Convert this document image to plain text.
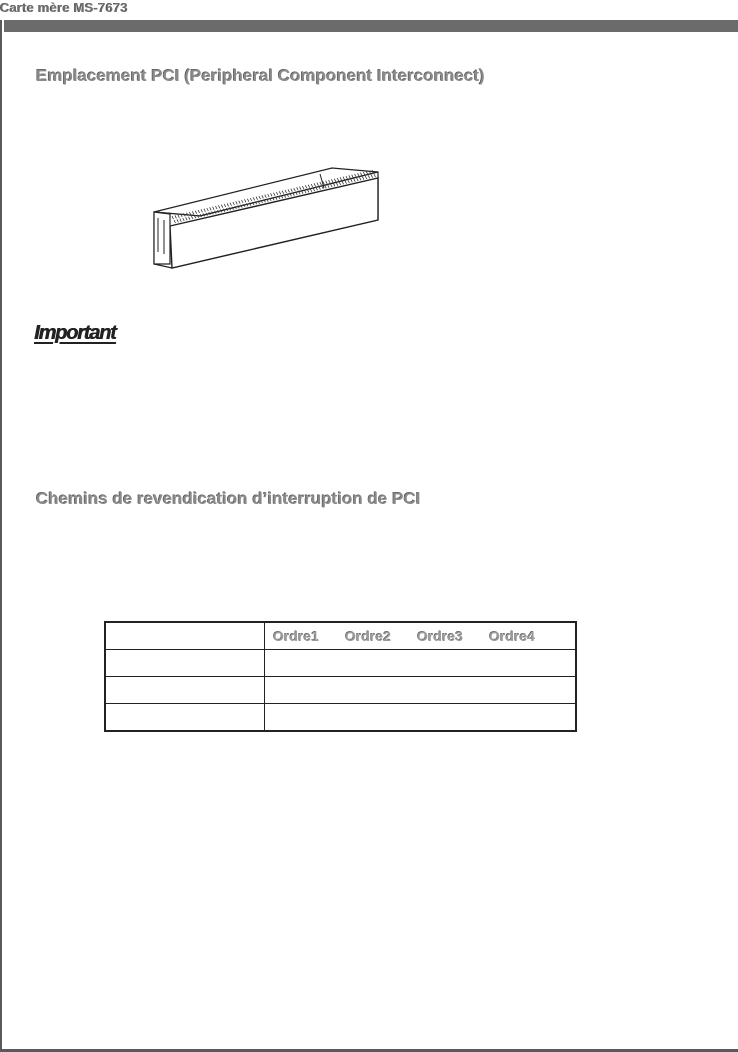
Carte mère MS-7673
Emplacement PCI (Peripheral Component Interconnect)
Important
Chemins de revendication d’interruption de PCI

	Ordre1 Ordre2 Ordre3 Ordre4
